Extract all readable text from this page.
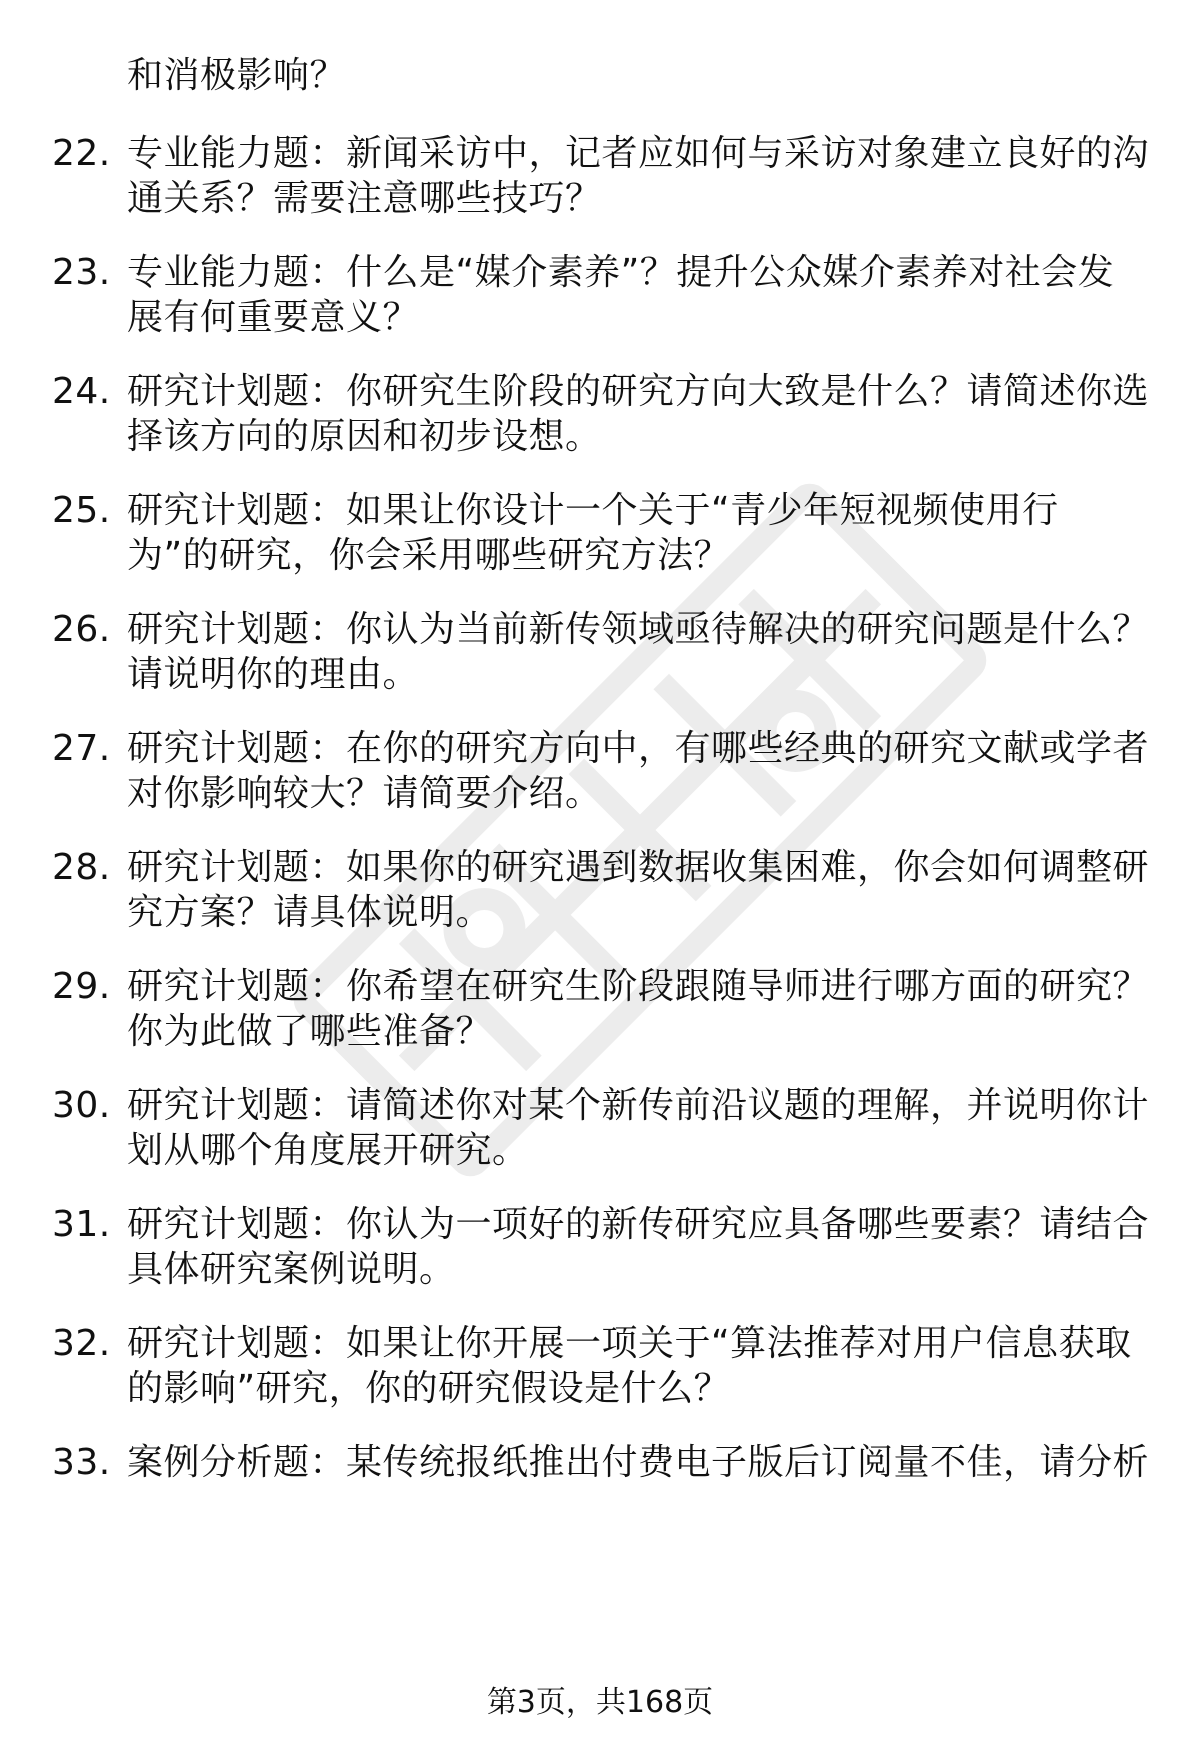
和消极影响？
22. 专业能力题：新闻采访中，记者应如何与采访对象建立良好的沟
通关系？需要注意哪些技巧？
23. 专业能力题：什么是“媒介素养”？提升公众媒介素养对社会发
展有何重要意义？
24. 研究计划题：你研究生阶段的研究方向大致是什么？请简述你选
择该方向的原因和初步设想。
25. 研究计划题：如果让你设计一个关于“青少年短视频使用行
为”的研究，你会采用哪些研究方法？
26. 研究计划题：你认为当前新传领域亟待解决的研究问题是什么？
请说明你的理由。
27. 研究计划题：在你的研究方向中，有哪些经典的研究文献或学者
对你影响较大？请简要介绍。
28. 研究计划题：如果你的研究遇到数据收集困难，你会如何调整研
究方案？请具体说明。
29. 研究计划题：你希望在研究生阶段跟随导师进行哪方面的研究？
你为此做了哪些准备？
30. 研究计划题：请简述你对某个新传前沿议题的理解，并说明你计
划从哪个角度展开研究。
31. 研究计划题：你认为一项好的新传研究应具备哪些要素？请结合
具体研究案例说明。
32. 研究计划题：如果让你开展一项关于“算法推荐对用户信息获取
的影响”研究，你的研究假设是什么？
33. 案例分析题：某传统报纸推出付费电子版后订阅量不佳，请分析
第3页，共168页
